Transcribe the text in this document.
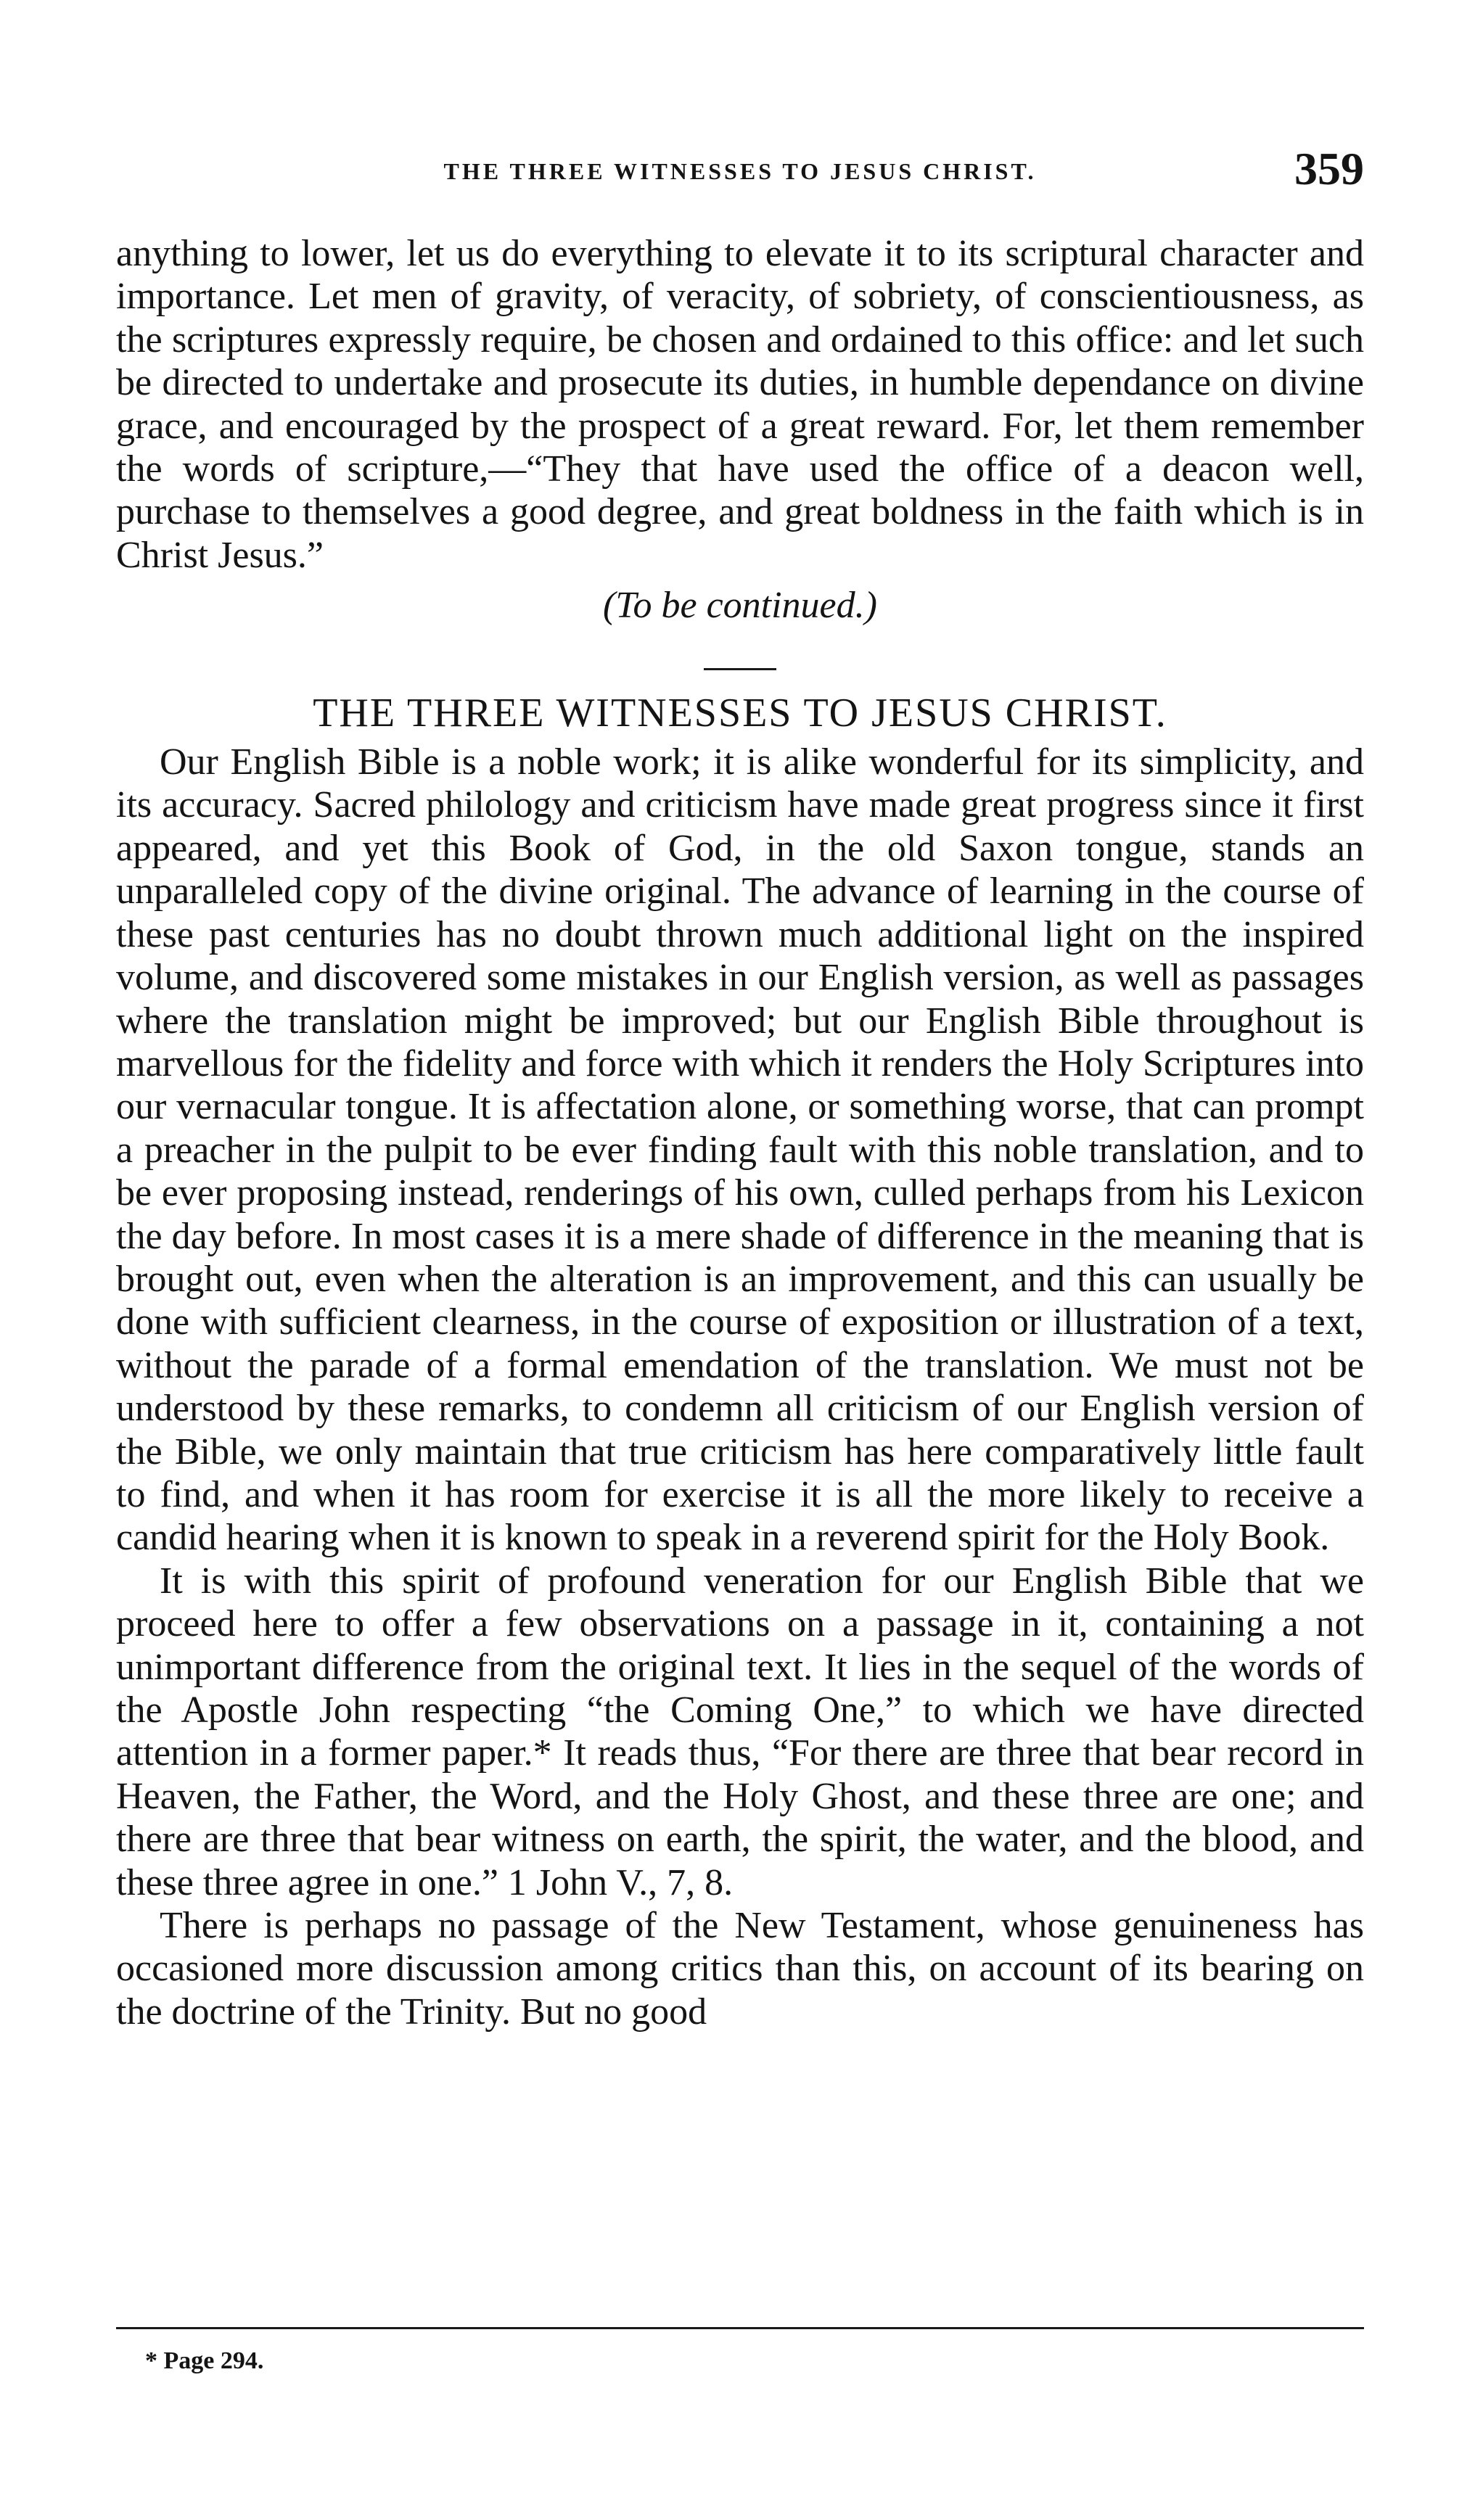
THE THREE WITNESSES TO JESUS CHRIST.	359

anything to lower, let us do everything to elevate it to its scriptural character and importance. Let men of gravity, of veracity, of sobriety, of conscientiousness, as the scriptures expressly require, be chosen and ordained to this office: and let such be directed to undertake and prosecute its duties, in humble dependance on divine grace, and encouraged by the prospect of a great reward. For, let them remember the words of scripture,—“They that have used the office of a deacon well, purchase to themselves a good degree, and great boldness in the faith which is in Christ Jesus.”

(To be continued.)

THE THREE WITNESSES TO JESUS CHRIST.

Our English Bible is a noble work; it is alike wonderful for its simplicity, and its accuracy. Sacred philology and criticism have made great progress since it first appeared, and yet this Book of God, in the old Saxon tongue, stands an unparalleled copy of the divine original. The advance of learning in the course of these past centuries has no doubt thrown much additional light on the inspired volume, and discovered some mistakes in our English version, as well as passages where the translation might be improved; but our English Bible throughout is marvellous for the fidelity and force with which it renders the Holy Scriptures into our vernacular tongue. It is affectation alone, or something worse, that can prompt a preacher in the pulpit to be ever finding fault with this noble translation, and to be ever proposing instead, renderings of his own, culled perhaps from his Lexicon the day before. In most cases it is a mere shade of difference in the meaning that is brought out, even when the alteration is an improvement, and this can usually be done with sufficient clearness, in the course of exposition or illustration of a text, without the parade of a formal emendation of the translation. We must not be understood by these remarks, to condemn all criticism of our English version of the Bible, we only maintain that true criticism has here comparatively little fault to find, and when it has room for exercise it is all the more likely to receive a candid hearing when it is known to speak in a reverend spirit for the Holy Book.

It is with this spirit of profound veneration for our English Bible that we proceed here to offer a few observations on a passage in it, containing a not unimportant difference from the original text. It lies in the sequel of the words of the Apostle John respecting “the Coming One,” to which we have directed attention in a former paper.* It reads thus, “For there are three that bear record in Heaven, the Father, the Word, and the Holy Ghost, and these three are one; and there are three that bear witness on earth, the spirit, the water, and the blood, and these three agree in one.” 1 John V., 7, 8.

There is perhaps no passage of the New Testament, whose genuineness has occasioned more discussion among critics than this, on account of its bearing on the doctrine of the Trinity. But no good

* Page 294.
